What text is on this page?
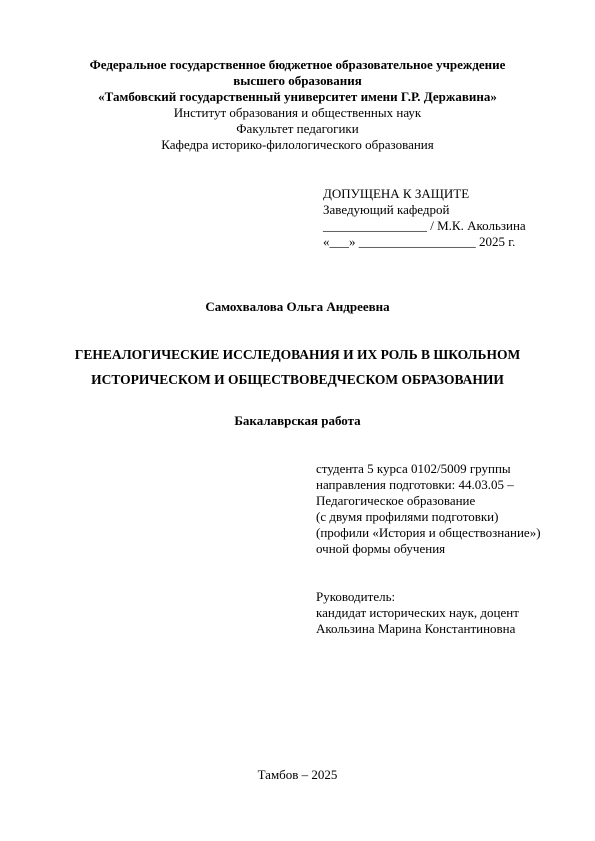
Федеральное государственное бюджетное образовательное учреждение
высшего образования
«Тамбовский государственный университет имени Г.Р. Державина»
Институт образования и общественных наук
Факультет педагогики
Кафедра историко-филологического образования
ДОПУЩЕНА К ЗАЩИТЕ
Заведующий кафедрой
________________ / М.К. Акользина
«___» __________________ 2025 г.
Самохвалова Ольга Андреевна
ГЕНЕАЛОГИЧЕСКИЕ ИССЛЕДОВАНИЯ И ИХ РОЛЬ В ШКОЛЬНОМ
ИСТОРИЧЕСКОМ И ОБЩЕСТВОВЕДЧЕСКОМ ОБРАЗОВАНИИ
Бакалаврская работа
студента 5 курса 0102/5009 группы
направления подготовки: 44.03.05 –
Педагогическое образование
(с двумя профилями подготовки)
(профили «История и обществознание»)
очной формы обучения
Руководитель:
кандидат исторических наук, доцент
Акользина Марина Константиновна
Тамбов – 2025
